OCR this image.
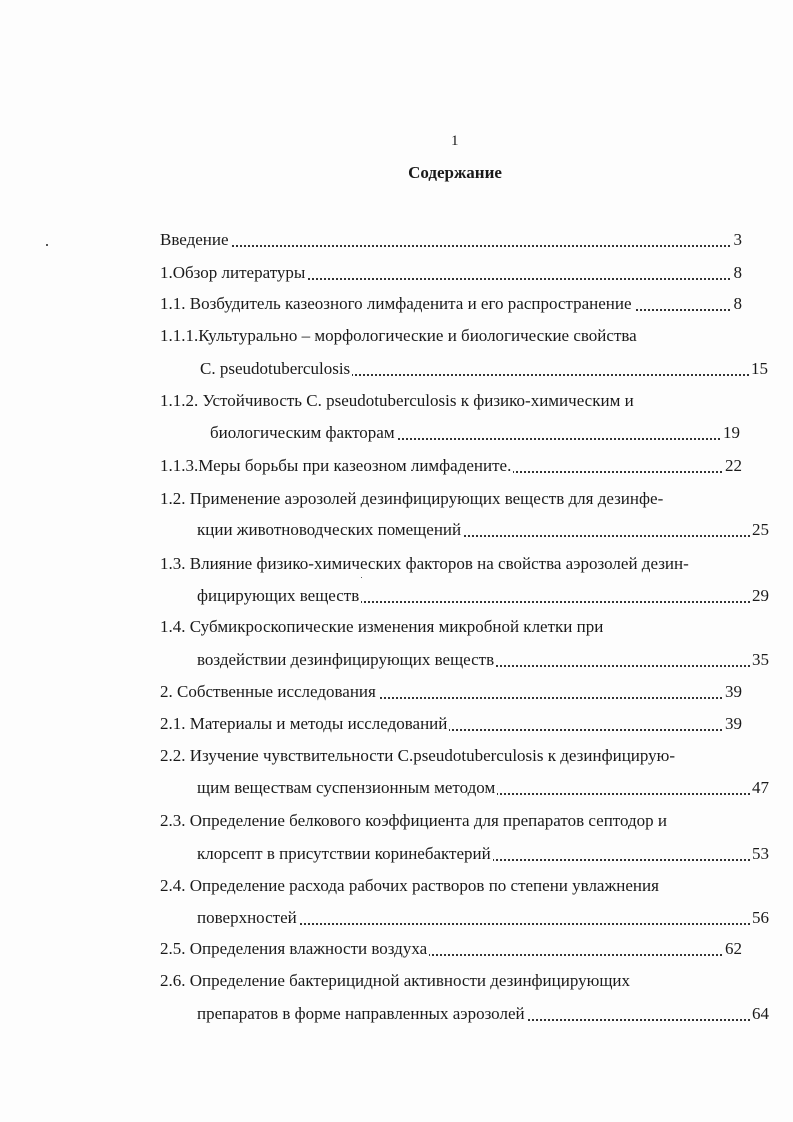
1
Содержание
Введение	3
1.Обзор литературы	8
1.1. Возбудитель казеозного лимфаденита и его распространение	8
1.1.1.Культурально – морфологические и биологические свойства
C. pseudotuberculosis	15
1.1.2. Устойчивость C. pseudotuberculosis к физико-химическим и
биологическим факторам	19
1.1.3.Меры борьбы при казеозном лимфадените.	22
1.2. Применение аэрозолей дезинфицирующих веществ для дезинфе-
кции животноводческих помещений	25
1.3. Влияние физико-химических факторов на свойства аэрозолей дезин-
фицирующих веществ	29
1.4. Субмикроскопические изменения микробной клетки при
воздействии дезинфицирующих веществ	35
2. Собственные исследования	39
2.1. Материалы и методы исследований	39
2.2. Изучение чувствительности C.pseudotuberculosis к дезинфицирую-
щим веществам суспензионным методом	47
2.3. Определение белкового коэффициента для препаратов септодор и
клорсепт в присутствии коринебактерий	53
2.4. Определение расхода рабочих растворов по степени увлажнения
поверхностей	56
2.5. Определения влажности воздуха	62
2.6. Определение бактерицидной активности дезинфицирующих
препаратов в форме направленных аэрозолей	64
